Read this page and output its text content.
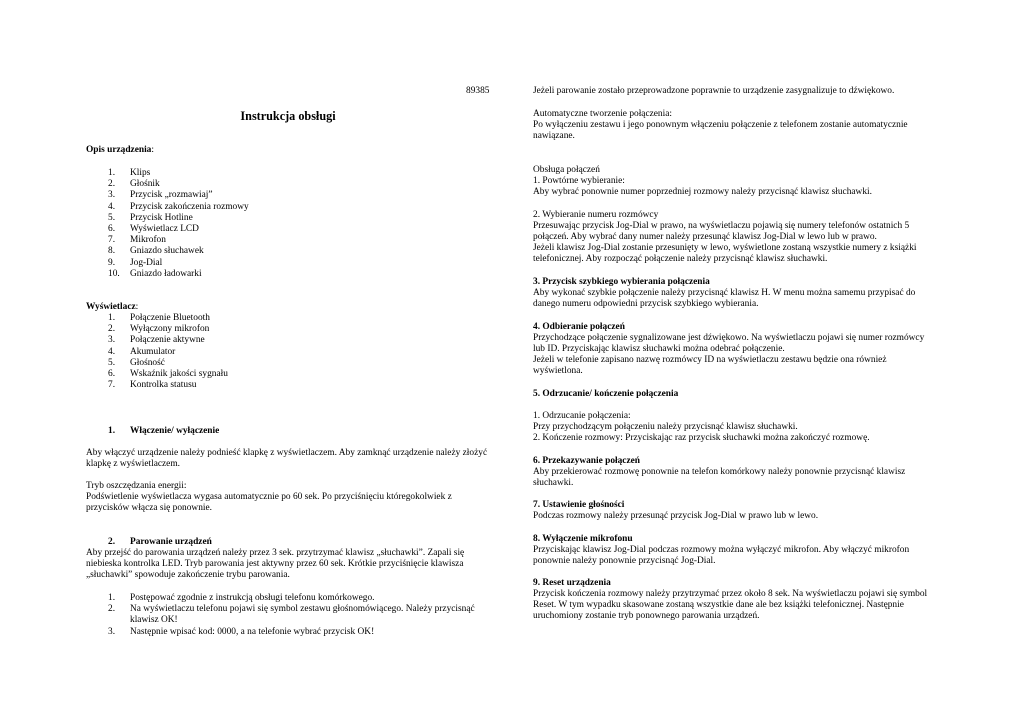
89385
Instrukcja obsługi
Opis urządzenia:
1.	Klips
2.	Głośnik
3.	Przycisk „rozmawiaj”
4.	Przycisk zakończenia rozmowy
5.	Przycisk Hotline
6.	Wyświetlacz LCD
7.	Mikrofon
8.	Gniazdo słuchawek
9.	Jog-Dial
10.	Gniazdo ładowarki
Wyświetlacz:
1.	Połączenie Bluetooth
2.	Wyłączony mikrofon
3.	Połączenie aktywne
4.	Akumulator
5.	Głośność
6.	Wskaźnik jakości sygnału
7.	Kontrolka statusu
1. Włączenie/ wyłączenie

Aby włączyć urządzenie należy podnieść klapkę z wyświetlaczem. Aby zamknąć urządzenie należy złożyć klapkę z wyświetlaczem.

Tryb oszczędzania energii:

Podświetlenie wyświetlacza wygasa automatycznie po 60 sek. Po przyciśnięciu któregokolwiek z przycisków włącza się ponownie.

2. Parowanie urządzeń

Aby przejść do parowania urządzeń należy przez 3 sek. przytrzymać klawisz „słuchawki”. Zapali się niebieska kontrolka LED. Tryb parowania jest aktywny przez 60 sek. Krótkie przyciśnięcie klawisza „słuchawki” spowoduje zakończenie trybu parowania.

1.	Postępować zgodnie z instrukcją obsługi telefonu komórkowego.
2.	Na wyświetlaczu telefonu pojawi się symbol zestawu głośnomówiącego. Należy przycisnąć klawisz OK!
3.	Następnie wpisać kod: 0000, a na telefonie wybrać przycisk OK!

Jeżeli parowanie zostało przeprowadzone poprawnie to urządzenie zasygnalizuje to dźwiękowo.

Automatyczne tworzenie połączenia:

Po wyłączeniu zestawu i jego ponownym włączeniu połączenie z telefonem zostanie automatycznie nawiązane.

Obsługa połączeń

1. Powtórne wybieranie:

Aby wybrać ponownie numer poprzedniej rozmowy należy przycisnąć klawisz słuchawki.

2. Wybieranie numeru rozmówcy

Przesuwając przycisk Jog-Dial w prawo, na wyświetlaczu pojawią się numery telefonów ostatnich 5 połączeń. Aby wybrać dany numer należy przesunąć klawisz Jog-Dial w lewo lub w prawo.

Jeżeli klawisz Jog-Dial zostanie przesunięty w lewo, wyświetlone zostaną wszystkie numery z książki telefonicznej. Aby rozpocząć połączenie należy przycisnąć klawisz słuchawki.

3. Przycisk szybkiego wybierania połączenia

Aby wykonać szybkie połączenie należy przycisnąć klawisz H. W menu można samemu przypisać do danego numeru odpowiedni przycisk szybkiego wybierania.

4. Odbieranie połączeń

Przychodzące połączenie sygnalizowane jest dźwiękowo. Na wyświetlaczu pojawi się numer rozmówcy lub ID. Przyciskając klawisz słuchawki można odebrać połączenie.

Jeżeli w telefonie zapisano nazwę rozmówcy ID na wyświetlaczu zestawu będzie ona również wyświetlona.

5. Odrzucanie/ kończenie połączenia

1. Odrzucanie połączenia:

Przy przychodzącym połączeniu należy przycisnąć klawisz słuchawki.

2. Kończenie rozmowy: Przyciskając raz przycisk słuchawki można zakończyć rozmowę.

6. Przekazywanie połączeń

Aby przekierować rozmowę ponownie na telefon komórkowy należy ponownie przycisnąć klawisz słuchawki.

7. Ustawienie głośności

Podczas rozmowy należy przesunąć przycisk Jog-Dial w prawo lub w lewo.

8. Wyłączenie mikrofonu

Przyciskając klawisz Jog-Dial podczas rozmowy można wyłączyć mikrofon. Aby włączyć mikrofon ponownie należy ponownie przycisnąć Jog-Dial.

9. Reset urządzenia

Przycisk kończenia rozmowy należy przytrzymać przez około 8 sek. Na wyświetlaczu pojawi się symbol Reset. W tym wypadku skasowane zostaną wszystkie dane ale bez książki telefonicznej. Następnie uruchomiony zostanie tryb ponownego parowania urządzeń.
